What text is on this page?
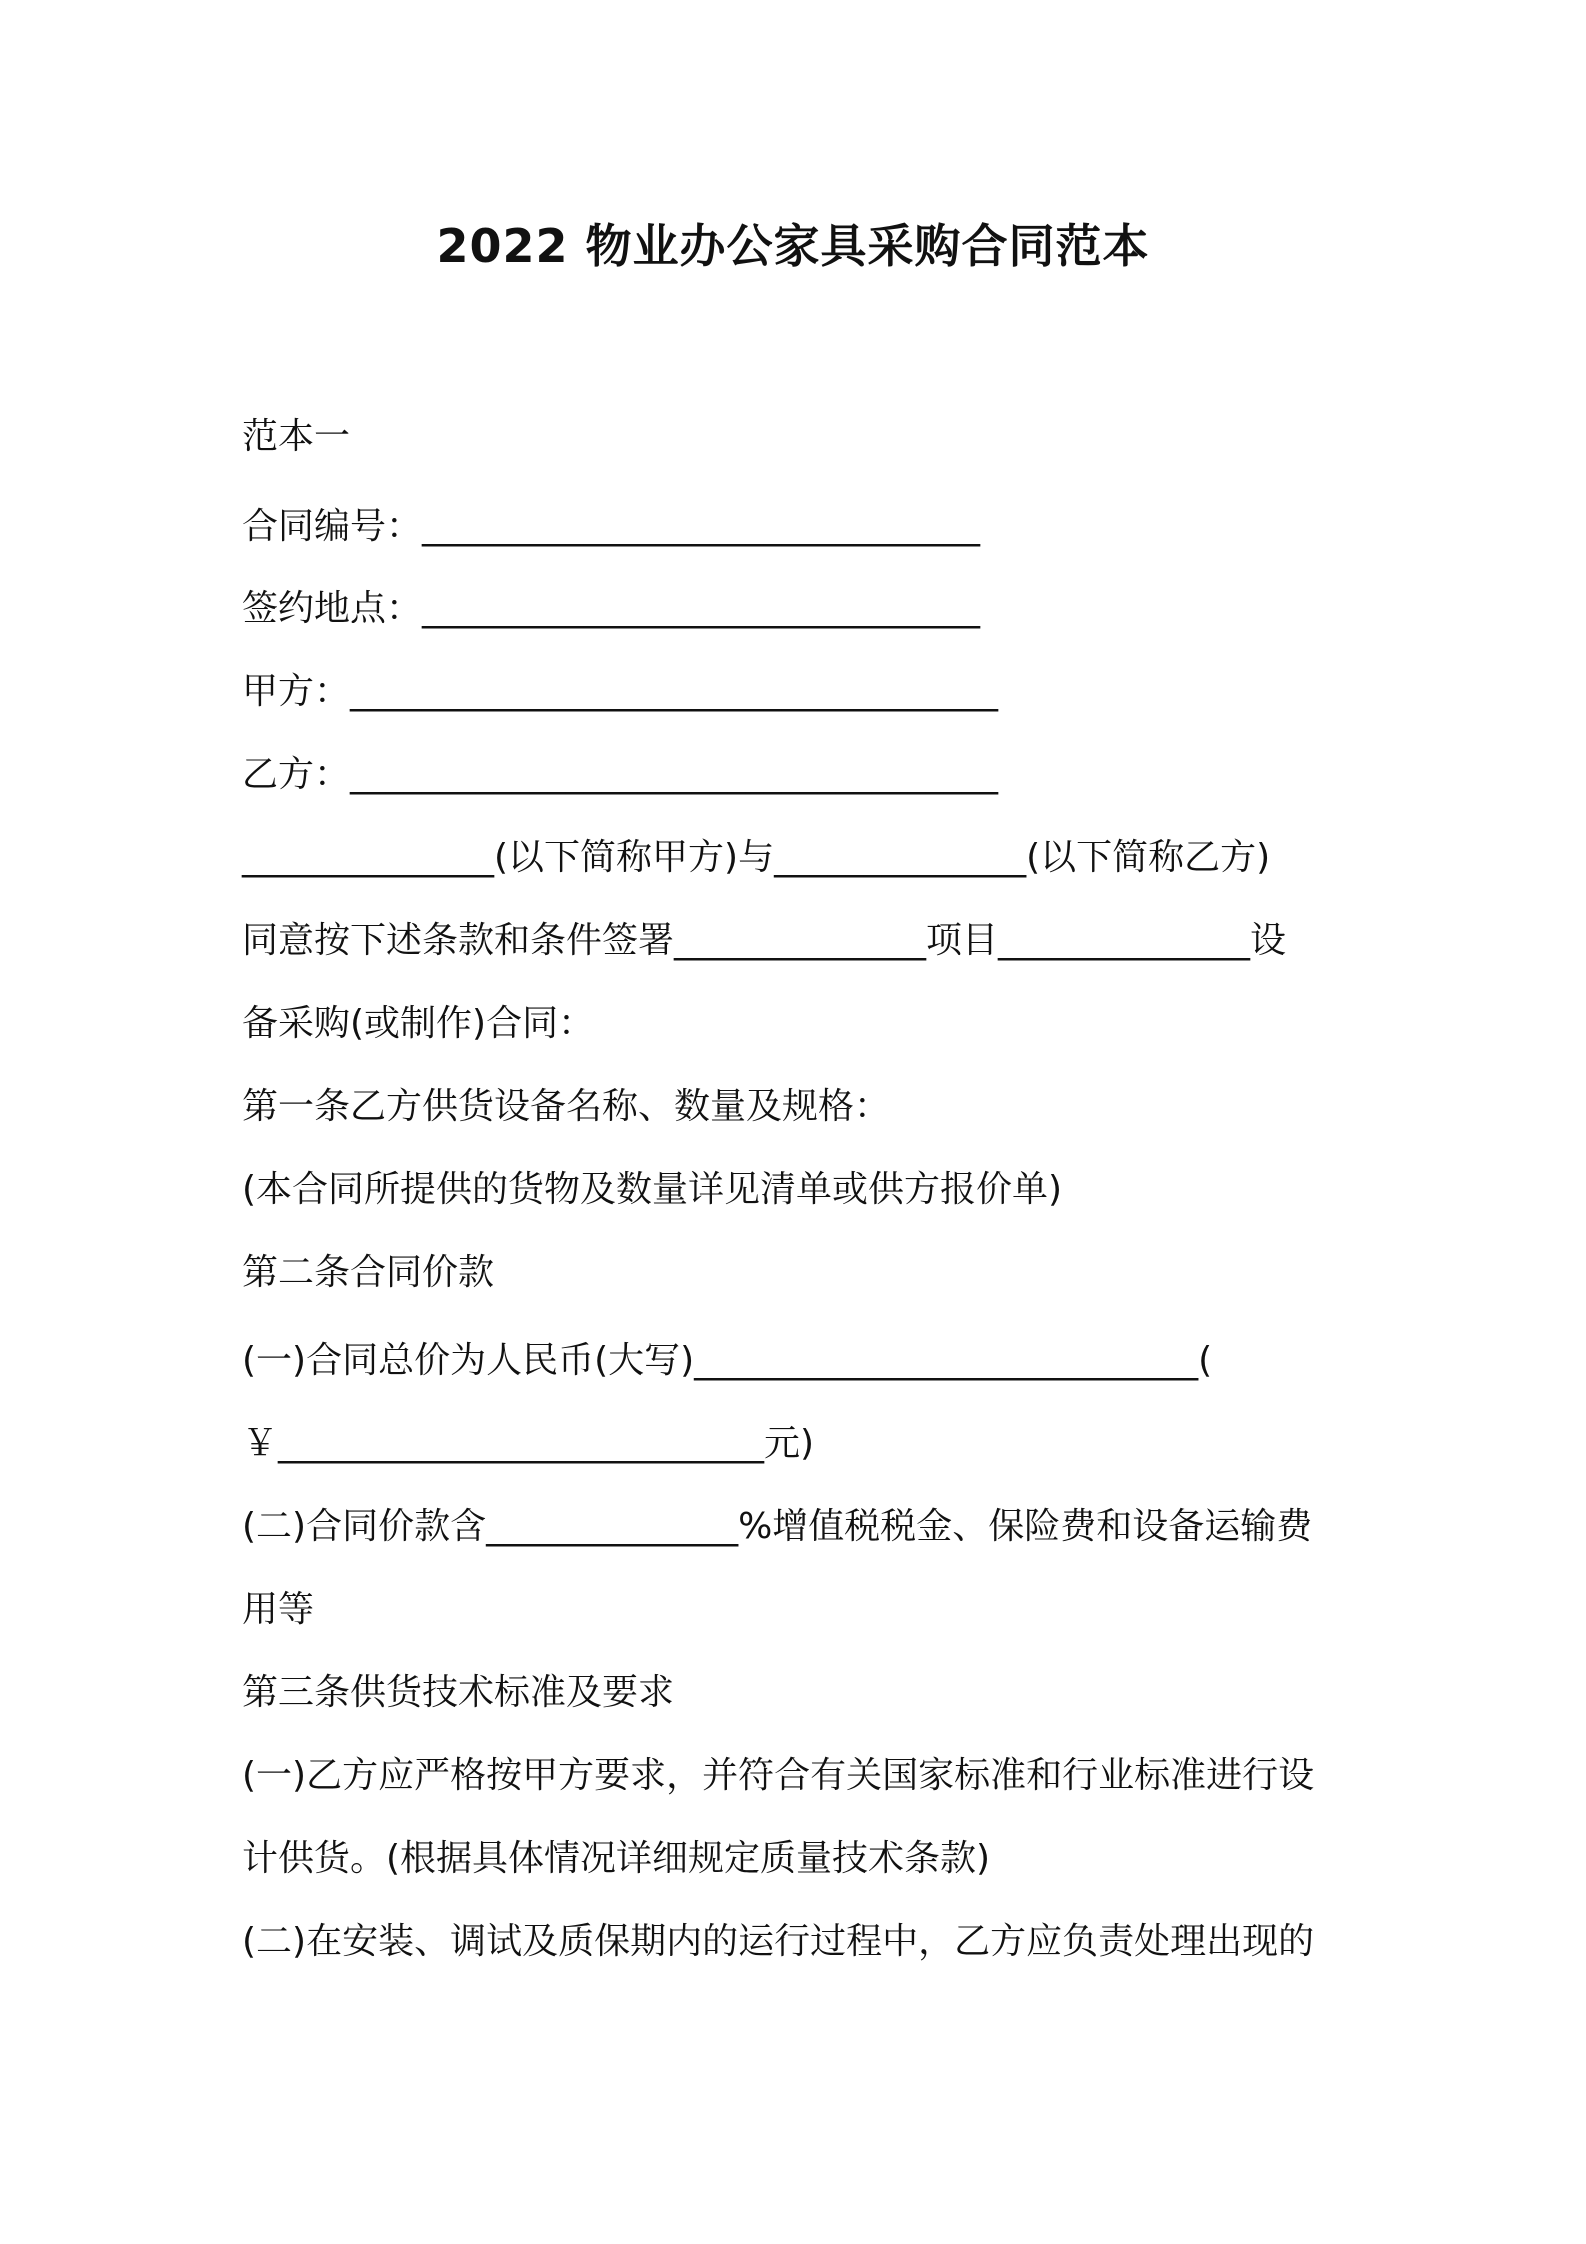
2022 物业办公家具采购合同范本
范本一
合同编号：_______________________________
签约地点：_______________________________
甲方：____________________________________
乙方：____________________________________
______________(以下简称甲方)与______________(以下简称乙方)
同意按下述条款和条件签署______________项目______________设
备采购(或制作)合同：
第一条乙方供货设备名称、数量及规格：
(本合同所提供的货物及数量详见清单或供方报价单)
第二条合同价款
(一)合同总价为人民币(大写)____________________________(
￥___________________________元)
(二)合同价款含______________%增值税税金、保险费和设备运输费
用等
第三条供货技术标准及要求
(一)乙方应严格按甲方要求，并符合有关国家标准和行业标准进行设
计供货。(根据具体情况详细规定质量技术条款)
(二)在安装、调试及质保期内的运行过程中，乙方应负责处理出现的
